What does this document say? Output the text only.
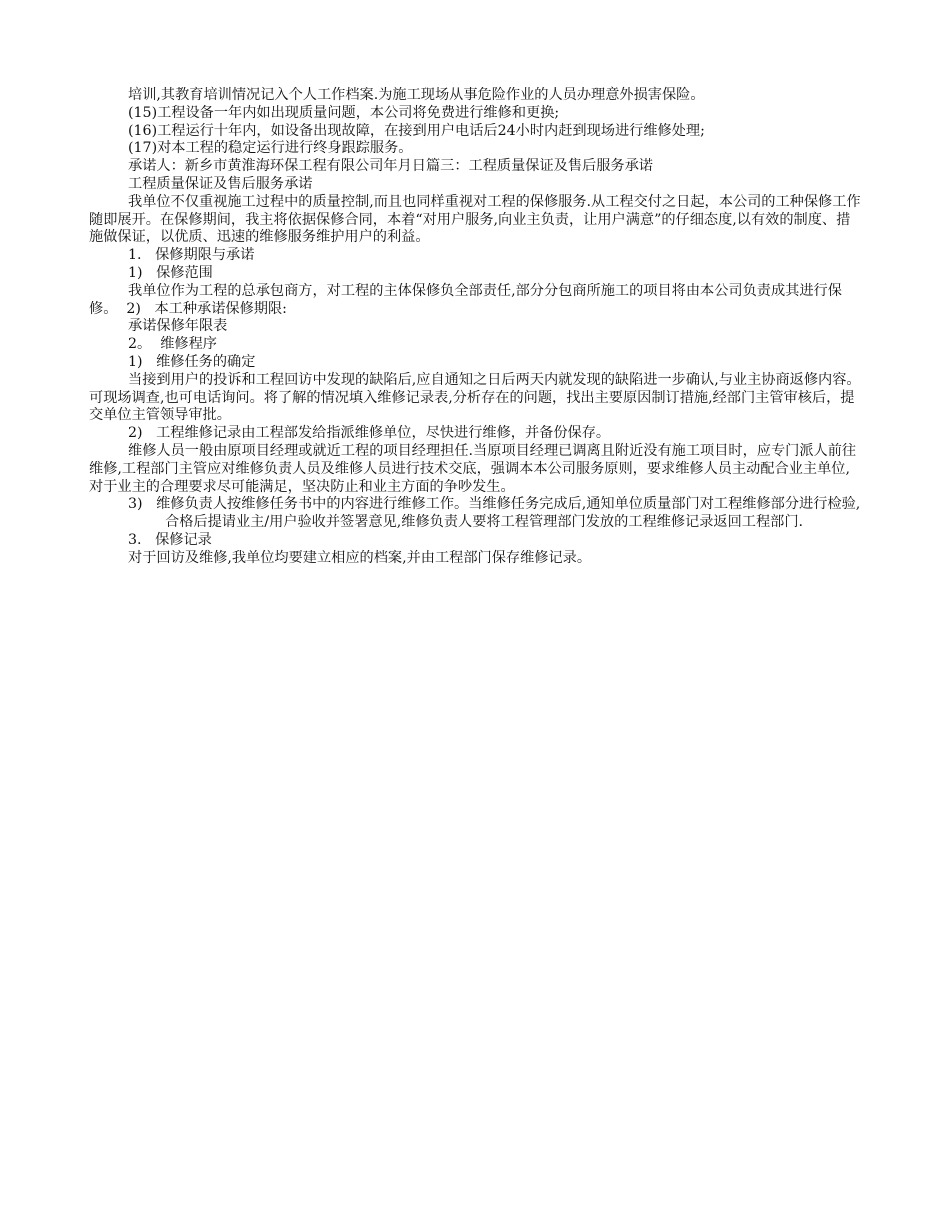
培训,其教育培训情况记入个人工作档案.为施工现场从事危险作业的人员办理意外损害保险。
(15)工程设备一年内如出现质量问题，本公司将免费进行维修和更换;
(16)工程运行十年内，如设备出现故障，在接到用户电话后24小时内赶到现场进行维修处理;
(17)对本工程的稳定运行进行终身跟踪服务。
承诺人：新乡市黄淮海环保工程有限公司年月日篇三：工程质量保证及售后服务承诺
工程质量保证及售后服务承诺
我单位不仅重视施工过程中的质量控制,而且也同样重视对工程的保修服务.从工程交付之日起，本公司的工种保修工作随即展开。在保修期间，我主将依据保修合同，本着“对用户服务,向业主负责，让用户满意”的仔细态度,以有效的制度、措施做保证，以优质、迅速的维修服务维护用户的利益。
1.   保修期限与承诺
1)   保修范围
我单位作为工程的总承包商方，对工程的主体保修负全部责任,部分分包商所施工的项目将由本公司负责成其进行保修。  2)   本工种承诺保修期限:
承诺保修年限表
2。  维修程序
1)   维修任务的确定
当接到用户的投诉和工程回访中发现的缺陷后,应自通知之日后两天内就发现的缺陷进一步确认,与业主协商返修内容。可现场调查,也可电话询问。将了解的情况填入维修记录表,分析存在的问题，找出主要原因制订措施,经部门主管审核后，提交单位主管领导审批。
2)   工程维修记录由工程部发给指派维修单位，尽快进行维修，并备份保存。
维修人员一般由原项目经理或就近工程的项目经理担任.当原项目经理已调离且附近没有施工项目时，应专门派人前往维修,工程部门主管应对维修负责人员及维修人员进行技术交底，强调本本公司服务原则，要求维修人员主动配合业主单位,对于业主的合理要求尽可能满足，坚决防止和业主方面的争吵发生。
3)   维修负责人按维修任务书中的内容进行维修工作。当维修任务完成后,通知单位质量部门对工程维修部分进行检验,合格后提请业主/用户验收并签署意见,维修负责人要将工程管理部门发放的工程维修记录返回工程部门.
3.   保修记录
对于回访及维修,我单位均要建立相应的档案,并由工程部门保存维修记录。
